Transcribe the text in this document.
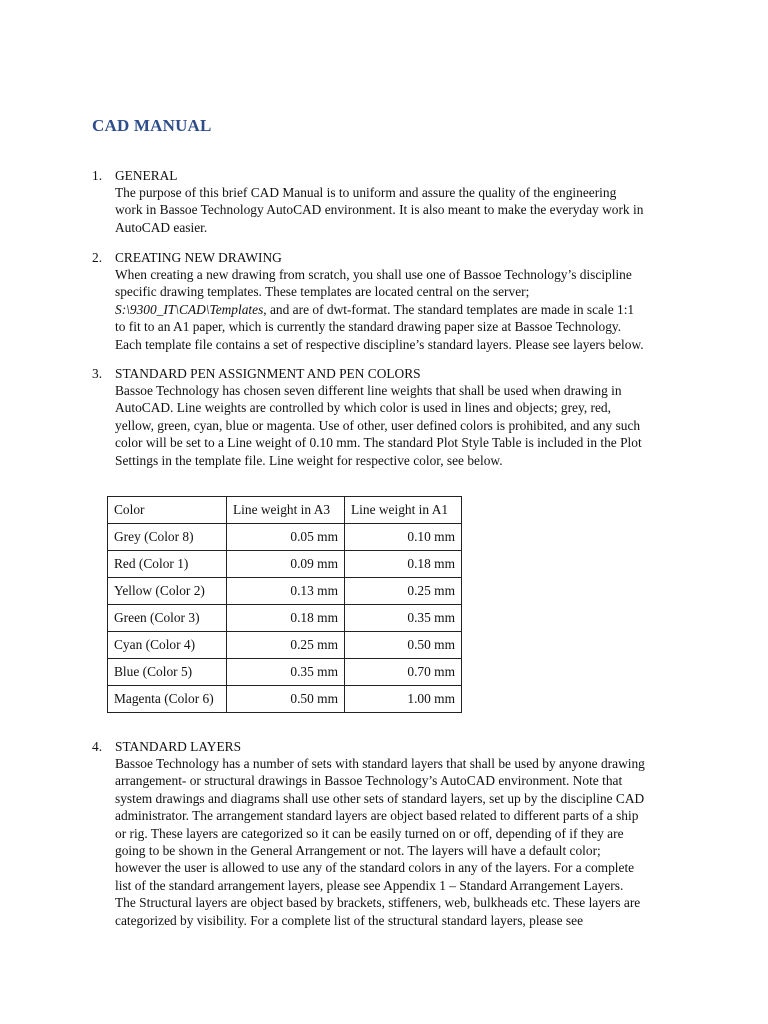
CAD MANUAL
1. GENERAL

The purpose of this brief CAD Manual is to uniform and assure the quality of the engineering

work in Bassoe Technology AutoCAD environment. It is also meant to make the everyday work in

AutoCAD easier.

2. CREATING NEW DRAWING

When creating a new drawing from scratch, you shall use one of Bassoe Technology’s discipline

specific drawing templates. These templates are located central on the server;

S:\9300_IT\CAD\Templates, and are of dwt-format. The standard templates are made in scale 1:1

to fit to an A1 paper, which is currently the standard drawing paper size at Bassoe Technology.

Each template file contains a set of respective discipline’s standard layers. Please see layers below.

3. STANDARD PEN ASSIGNMENT AND PEN COLORS

Bassoe Technology has chosen seven different line weights that shall be used when drawing in

AutoCAD. Line weights are controlled by which color is used in lines and objects; grey, red,

yellow, green, cyan, blue or magenta. Use of other, user defined colors is prohibited, and any such

color will be set to a Line weight of 0.10 mm. The standard Plot Style Table is included in the Plot

Settings in the template file. Line weight for respective color, see below.

Color	Line weight in A3	Line weight in A1
Grey (Color 8)	0.05 mm	0.10 mm
Red (Color 1)	0.09 mm	0.18 mm
Yellow (Color 2)	0.13 mm	0.25 mm
Green (Color 3)	0.18 mm	0.35 mm
Cyan (Color 4)	0.25 mm	0.50 mm
Blue (Color 5)	0.35 mm	0.70 mm
Magenta (Color 6)	0.50 mm	1.00 mm
4. STANDARD LAYERS

Bassoe Technology has a number of sets with standard layers that shall be used by anyone drawing

arrangement- or structural drawings in Bassoe Technology’s AutoCAD environment. Note that

system drawings and diagrams shall use other sets of standard layers, set up by the discipline CAD

administrator. The arrangement standard layers are object based related to different parts of a ship

or rig. These layers are categorized so it can be easily turned on or off, depending of if they are

going to be shown in the General Arrangement or not. The layers will have a default color;

however the user is allowed to use any of the standard colors in any of the layers. For a complete

list of the standard arrangement layers, please see Appendix 1 – Standard Arrangement Layers.

The Structural layers are object based by brackets, stiffeners, web, bulkheads etc. These layers are

categorized by visibility. For a complete list of the structural standard layers, please see
